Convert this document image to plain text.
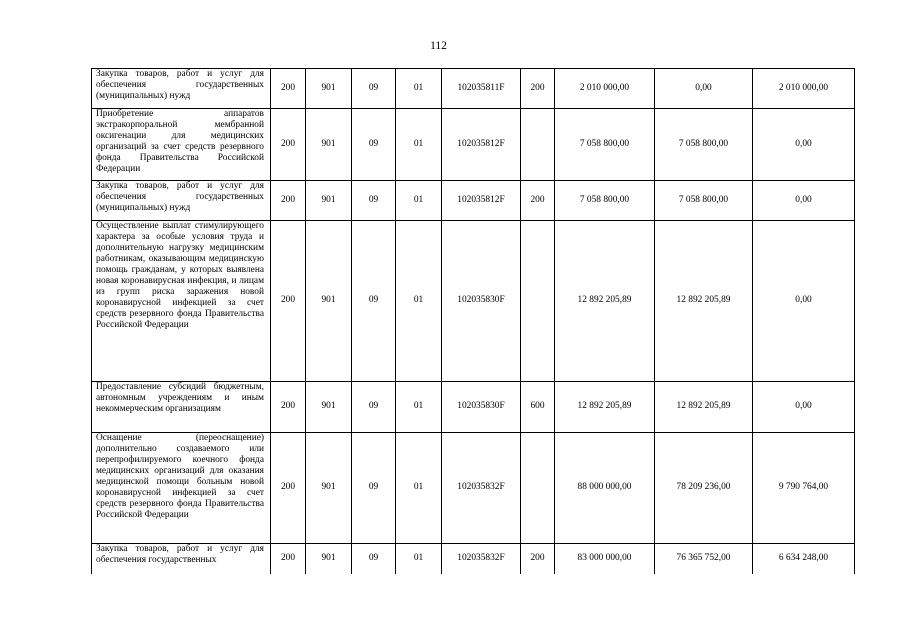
112
Закупка товаров, работ и услуг для обеспечения государственных (муниципальных) нужд	200	901	09	01	102035811F	200	2 010 000,00	0,00	2 010 000,00
Приобретение аппаратов экстракорпоральной мембранной оксигенации для медицинских организаций за счет средств резервного фонда Правительства Российской Федерации	200	901	09	01	102035812F		7 058 800,00	7 058 800,00	0,00
Закупка товаров, работ и услуг для обеспечения государственных (муниципальных) нужд	200	901	09	01	102035812F	200	7 058 800,00	7 058 800,00	0,00
Осуществление выплат стимулирующего характера за особые условия труда и дополнительную нагрузку медицинским работникам, оказывающим медицинскую помощь гражданам, у которых выявлена новая коронавирусная инфекция, и лицам из групп риска заражения новой коронавирусной инфекцией за счет средств резервного фонда Правительства Российской Федерации	200	901	09	01	102035830F		12 892 205,89	12 892 205,89	0,00
Предоставление субсидий бюджетным, автономным учреждениям и иным некоммерческим организациям	200	901	09	01	102035830F	600	12 892 205,89	12 892 205,89	0,00
Оснащение (переоснащение) дополнительно создаваемого или перепрофилируемого коечного фонда медицинских организаций для оказания медицинской помощи больным новой коронавирусной инфекцией за счет средств резервного фонда Правительства Российской Федерации	200	901	09	01	102035832F		88 000 000,00	78 209 236,00	9 790 764,00
Закупка товаров, работ и услуг для обеспечения государственных	200	901	09	01	102035832F	200	83 000 000,00	76 365 752,00	6 634 248,00
